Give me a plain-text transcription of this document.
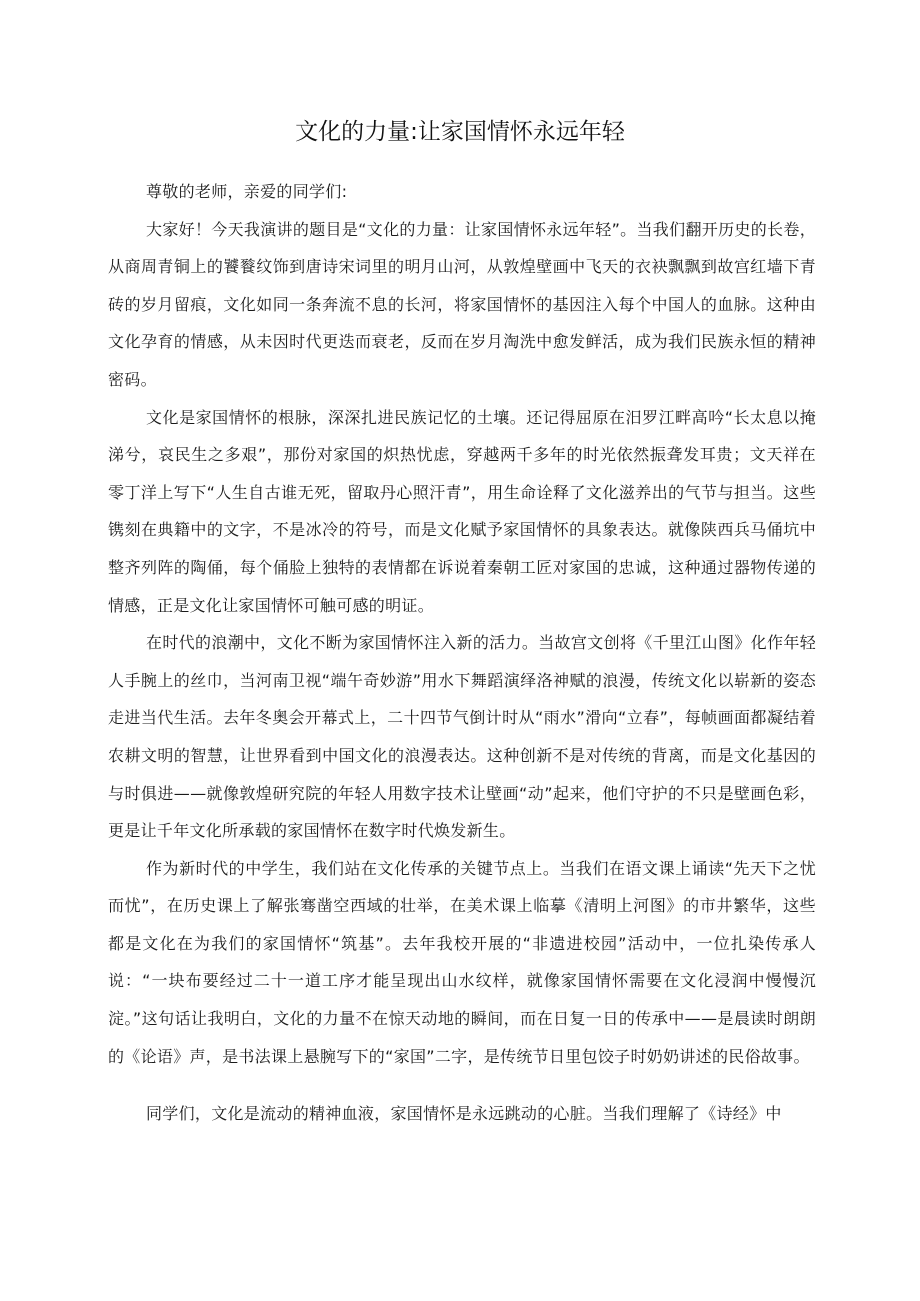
文化的力量:让家国情怀永远年轻

尊敬的老师，亲爱的同学们:

大家好！今天我演讲的题目是“文化的力量：让家国情怀永远年轻”。当我们翻开历史的长卷，从商周青铜上的饕餮纹饰到唐诗宋词里的明月山河，从敦煌壁画中飞天的衣袂飘飘到故宫红墙下青砖的岁月留痕，文化如同一条奔流不息的长河，将家国情怀的基因注入每个中国人的血脉。这种由文化孕育的情感，从未因时代更迭而衰老，反而在岁月淘洗中愈发鲜活，成为我们民族永恒的精神密码。

文化是家国情怀的根脉，深深扎进民族记忆的土壤。还记得屈原在汨罗江畔高吟“长太息以掩涕兮，哀民生之多艰”，那份对家国的炽热忧虑，穿越两千多年的时光依然振聋发耳贵；文天祥在零丁洋上写下“人生自古谁无死，留取丹心照汗青”，用生命诠释了文化滋养出的气节与担当。这些镌刻在典籍中的文字，不是冰冷的符号，而是文化赋予家国情怀的具象表达。就像陕西兵马俑坑中整齐列阵的陶俑，每个俑脸上独特的表情都在诉说着秦朝工匠对家国的忠诚，这种通过器物传递的情感，正是文化让家国情怀可触可感的明证。

在时代的浪潮中，文化不断为家国情怀注入新的活力。当故宫文创将《千里江山图》化作年轻人手腕上的丝巾，当河南卫视“端午奇妙游”用水下舞蹈演绎洛神赋的浪漫，传统文化以崭新的姿态走进当代生活。去年冬奥会开幕式上，二十四节气倒计时从“雨水”滑向“立春”，每帧画面都凝结着农耕文明的智慧，让世界看到中国文化的浪漫表达。这种创新不是对传统的背离，而是文化基因的与时俱进——就像敦煌研究院的年轻人用数字技术让壁画“动”起来，他们守护的不只是壁画色彩，更是让千年文化所承载的家国情怀在数字时代焕发新生。

作为新时代的中学生，我们站在文化传承的关键节点上。当我们在语文课上诵读“先天下之忧而忧”，在历史课上了解张骞凿空西域的壮举，在美术课上临摹《清明上河图》的市井繁华，这些都是文化在为我们的家国情怀“筑基”。去年我校开展的“非遗进校园”活动中，一位扎染传承人说：“一块布要经过二十一道工序才能呈现出山水纹样，就像家国情怀需要在文化浸润中慢慢沉淀。”这句话让我明白，文化的力量不在惊天动地的瞬间，而在日复一日的传承中——是晨读时朗朗的《论语》声，是书法课上悬腕写下的“家国”二字，是传统节日里包饺子时奶奶讲述的民俗故事。

同学们，文化是流动的精神血液，家国情怀是永远跳动的心脏。当我们理解了《诗经》中
